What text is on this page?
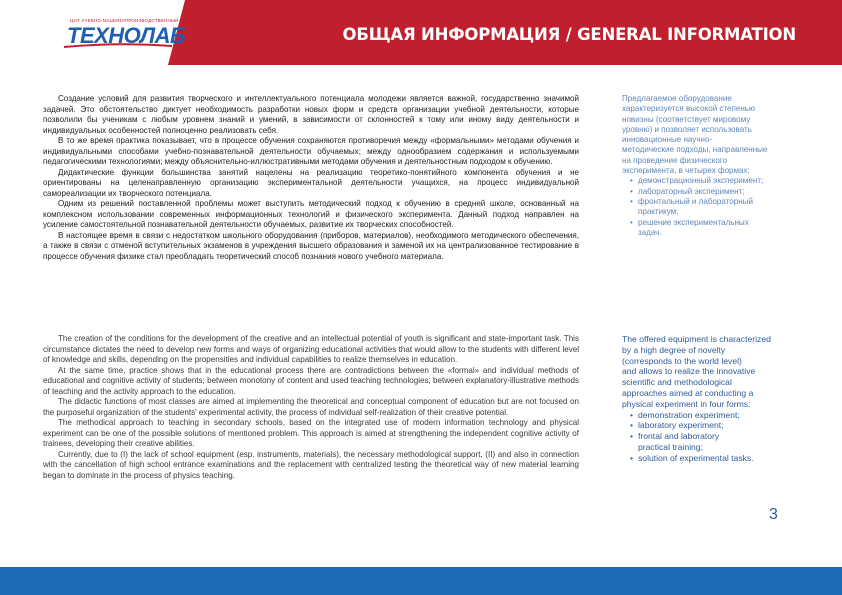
ЦНТ УЧЕБНО-МАШИНОПРОИЗВОДСТВЕННЫЙ ЦЕНТР
ТЕХНОЛАБ	ОБЩАЯ ИНФОРМАЦИЯ / GENERAL INFORMATION

Создание условий для развития творческого и интеллектуального потенциала молодежи является важной, государственно значимой задачей. Это обстоятельство диктует необходимость разработки новых форм и средств организации учебной деятельности, которые позволили бы ученикам с любым уровнем знаний и умений, в зависимости от склонностей к тому или иному виду деятельности и индивидуальных особенностей полноценно реализовать себя.

В то же время практика показывает, что в процессе обучения сохраняются противоречия между «формальными» методами обучения и индивидуальными способами учебно-познавательной деятельности обучаемых; между однообразием содержания и используемыми педагогическими технологиями; между объяснительно-иллюстративными методами обучения и деятельностным подходом к обучению.

Дидактические функции большинства занятий нацелены на реализацию теоретико-понятийного компонента обучения и не ориентированы на целенаправленную организацию экспериментальной деятельности учащихся, на процесс индивидуальной самореализации их творческого потенциала.

Одним из решений поставленной проблемы может выступить методический подход к обучению в средней школе, основанный на комплексном использовании современных информационных технологий и физического эксперимента. Данный подход направлен на усиление самостоятельной познавательной деятельности обучаемых, развитие их творческих способностей.

В настоящее время в связи с недостатком школьного оборудования (приборов, материалов), необходимого методического обеспечения, а также в связи с отменой вступительных экзаменов в учреждения высшего образования и заменой их на централизованное тестирование в процессе обучения физике стал преобладать теоретический способ познания нового учебного материала.

The creation of the conditions for the development of the creative and an intellectual potential of youth is significant and state-important task. This circumstance dictates the need to develop new forms and ways of organizing educational activities that would allow to the students with different level of knowledge and skills, depending on the propensities and individual capabilities to realize themselves in education.

At the same time, practice shows that in the educational process there are contradictions between the «formal» and individual methods of educational and cognitive activity of students; between monotony of content and used teaching technologies; between explanatory-illustrative methods of teaching and the activity approach to the education.

The didactic functions of most classes are aimed at implementing the theoretical and conceptual component of education but are not focused on the purposeful organization of the students' experimental activity, the process of individual self-realization of their creative potential.

The methodical approach to teaching in secondary schools, based on the integrated use of modern information technology and physical experiment can be one of the possible solutions of mentioned problem. This approach is aimed at strengthening the independent cognitive activity of trainees, developing their creative abilities.

Currently, due to (I) the lack of school equipment (esp. instruments, materials), the necessary methodological support, (II) and also in connection with the cancellation of high school entrance examinations and the replacement with centralized testing the theoretical way of new material learning began to dominate in the process of physics teaching.

Предлагаемое оборудование
характеризуется высокой степенью
новизны (соответствует мировому
уровню) и позволяет использовать
инновационные научно-
методические подходы, направленные
на проведение физического
эксперимента, в четырех формах:
• демонстрационный эксперимент;
• лабораторный эксперимент;
• фронтальный и лабораторный
практикум;
• решение экспериментальных
задач.
The offered equipment is characterized
by a high degree of novelty
(corresponds to the world level)
and allows to realize the innovative
scientific and methodological
approaches aimed at conducting a
physical experiment in four forms:
• demonstration experiment;
• laboratory experiment;
• frontal and laboratory
practical training;
• solution of experimental tasks.
3
